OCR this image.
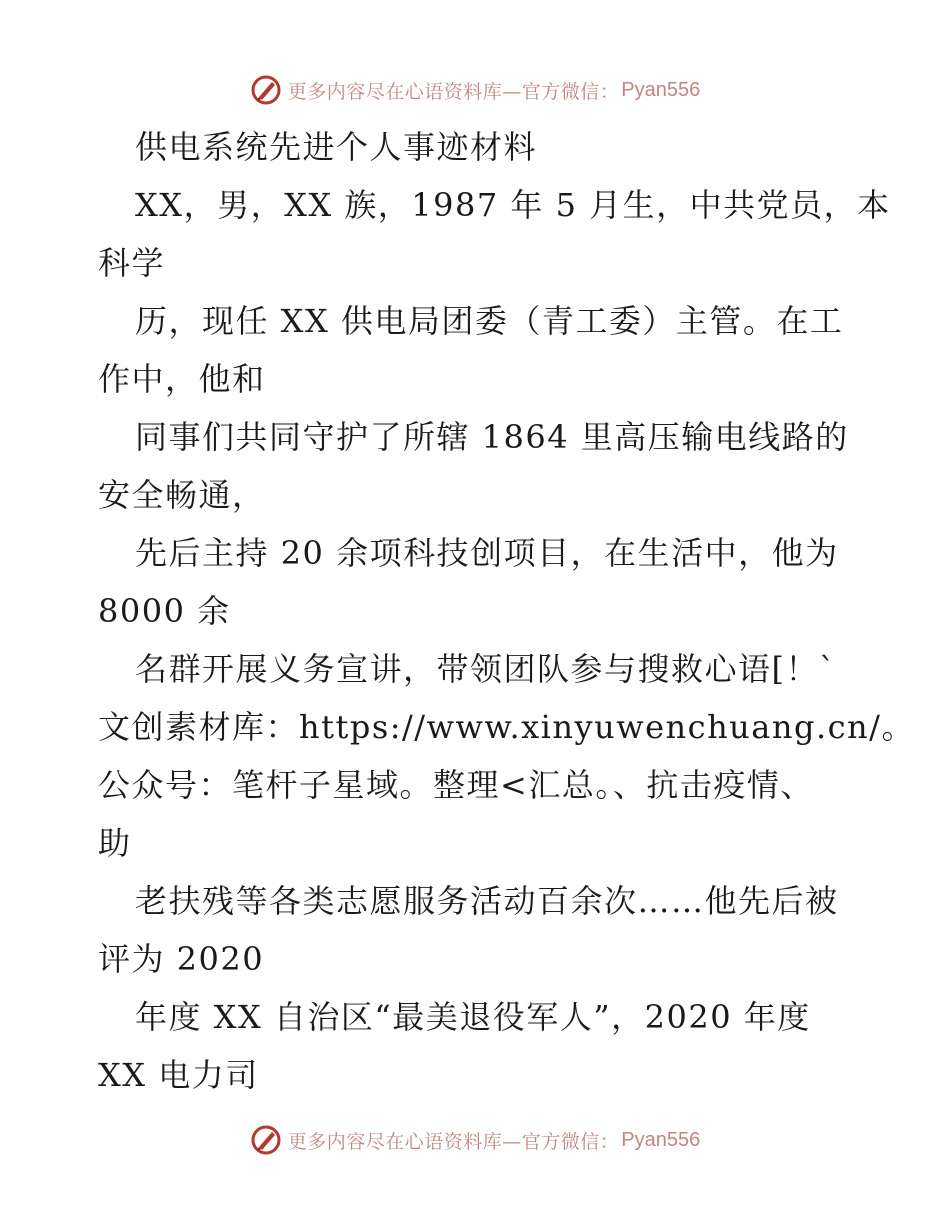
更多内容尽在心语资料库—官方微信： Pyan556
供电系统先进个人事迹材料
XX，男，XX 族，1987 年 5 月生，中共党员，本
科学
历，现任 XX 供电局团委（青工委）主管。在工
作中，他和
同事们共同守护了所辖 1864 里高压输电线路的
安全畅通，
先后主持 20 余项科技创项目，在生活中，他为
8000 余
名群开展义务宣讲，带领团队参与搜救心语[！`
文创素材库：https://www.xinyuwenchuang.cn/。
公众号：笔杆子星域。整理<汇总。、抗击疫情、
助
老扶残等各类志愿服务活动百余次……他先后被
评为 2020
年度 XX 自治区“最美退役军人”，2020 年度
XX 电力司
更多内容尽在心语资料库—官方微信： Pyan556
